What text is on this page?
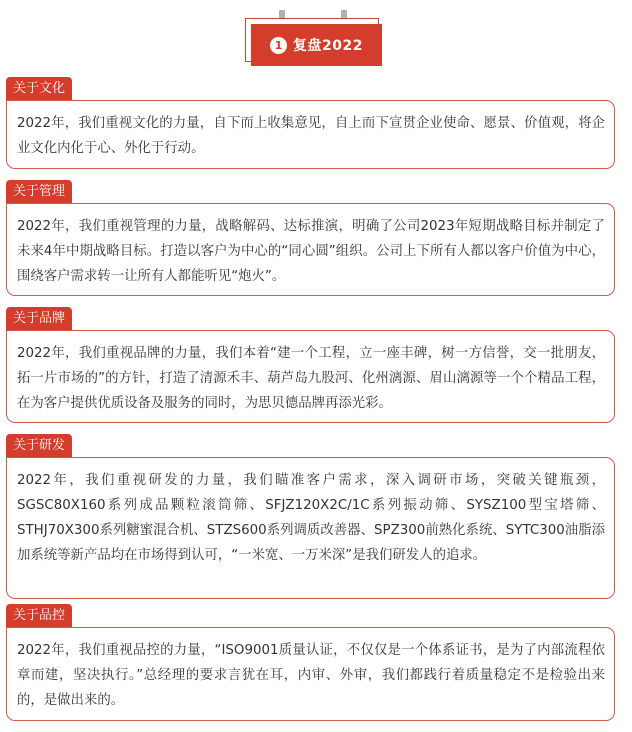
1 复盘2022
关于文化

2022年，我们重视文化的力量，自下而上收集意见，自上而下宣贯企业使命、愿景、价值观，将企业文化内化于心、外化于行动。

关于管理

2022年，我们重视管理的力量，战略解码、达标推演，明确了公司2023年短期战略目标并制定了未来4年中期战略目标。打造以客户为中心的“同心圆”组织。公司上下所有人都以客户价值为中心，围绕客户需求转一让所有人都能听见“炮火”。

关于品牌

2022年，我们重视品牌的力量，我们本着“建一个工程，立一座丰碑，树一方信誉，交一批朋友，拓一片市场的”的方针，打造了清源禾丰、葫芦岛九股河、化州漓源、眉山漓源等一个个精品工程，在为客户提供优质设备及服务的同时，为思贝德品牌再添光彩。

关于研发

2022年，我们重视研发的力量，我们瞄准客户需求，深入调研市场，突破关键瓶颈，SGSC80X160系列成品颗粒滚筒筛、SFJZ120X2C/1C系列振动筛、SYSZ100型宝塔筛、STHJ70X300系列糖蜜混合机、STZS600系列调质改善器、SPZ300前熟化系统、SYTC300油脂添加系统等新产品均在市场得到认可，“一米宽、一万米深”是我们研发人的追求。

关于品控

2022年，我们重视品控的力量，“ISO9001质量认证，不仅仅是一个体系证书，是为了内部流程依章而建，坚决执行。”总经理的要求言犹在耳，内审、外审，我们都践行着质量稳定不是检验出来的，是做出来的。
